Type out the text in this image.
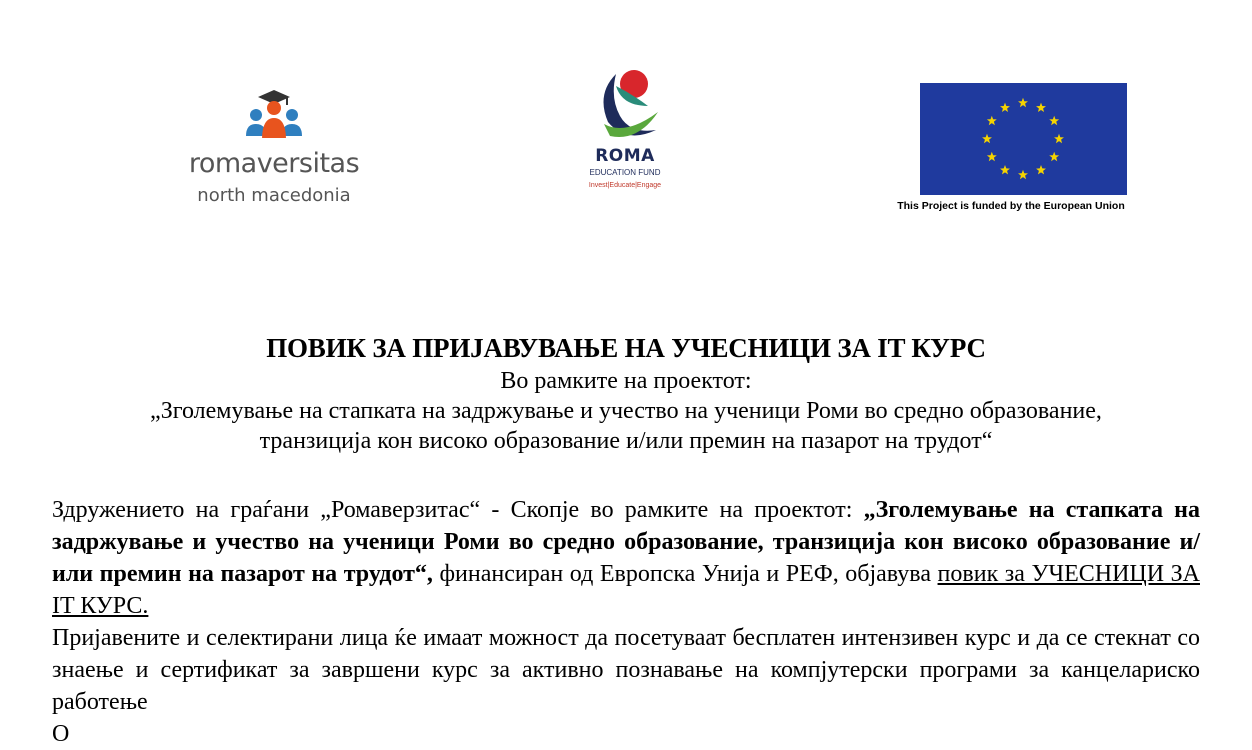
romaversitas
north macedonia
ROMA
EDUCATION FUND
Invest|Educate|Engage
This Project is funded by the European Union
ПОВИК ЗА ПРИЈАВУВАЊЕ НА УЧЕСНИЦИ ЗА IT КУРС
Во рамките на проектот:
„Зголемување на стапката на задржување и учество на ученици Роми во средно образование,
транзиција кон високо образование и/или премин на пазарот на трудот“

Здружението на граѓани „Ромаверзитас“ - Скопје во рамките на проектот: „Зголемување на стапката на задржување и учество на ученици Роми во средно образование, транзиција кон високо образование и/или премин на пазарот на трудот“, финансиран од Европска Унија и РЕФ, објавува повик за УЧЕСНИЦИ ЗА IT КУРС.

Пријавените и селектирани лица ќе имаат можност да посетуваат бесплатен интензивен курс и да се стекнат со знаење и сертификат за завршени курс за активно познавање на компјутерски програми за канцелариско работење

О
